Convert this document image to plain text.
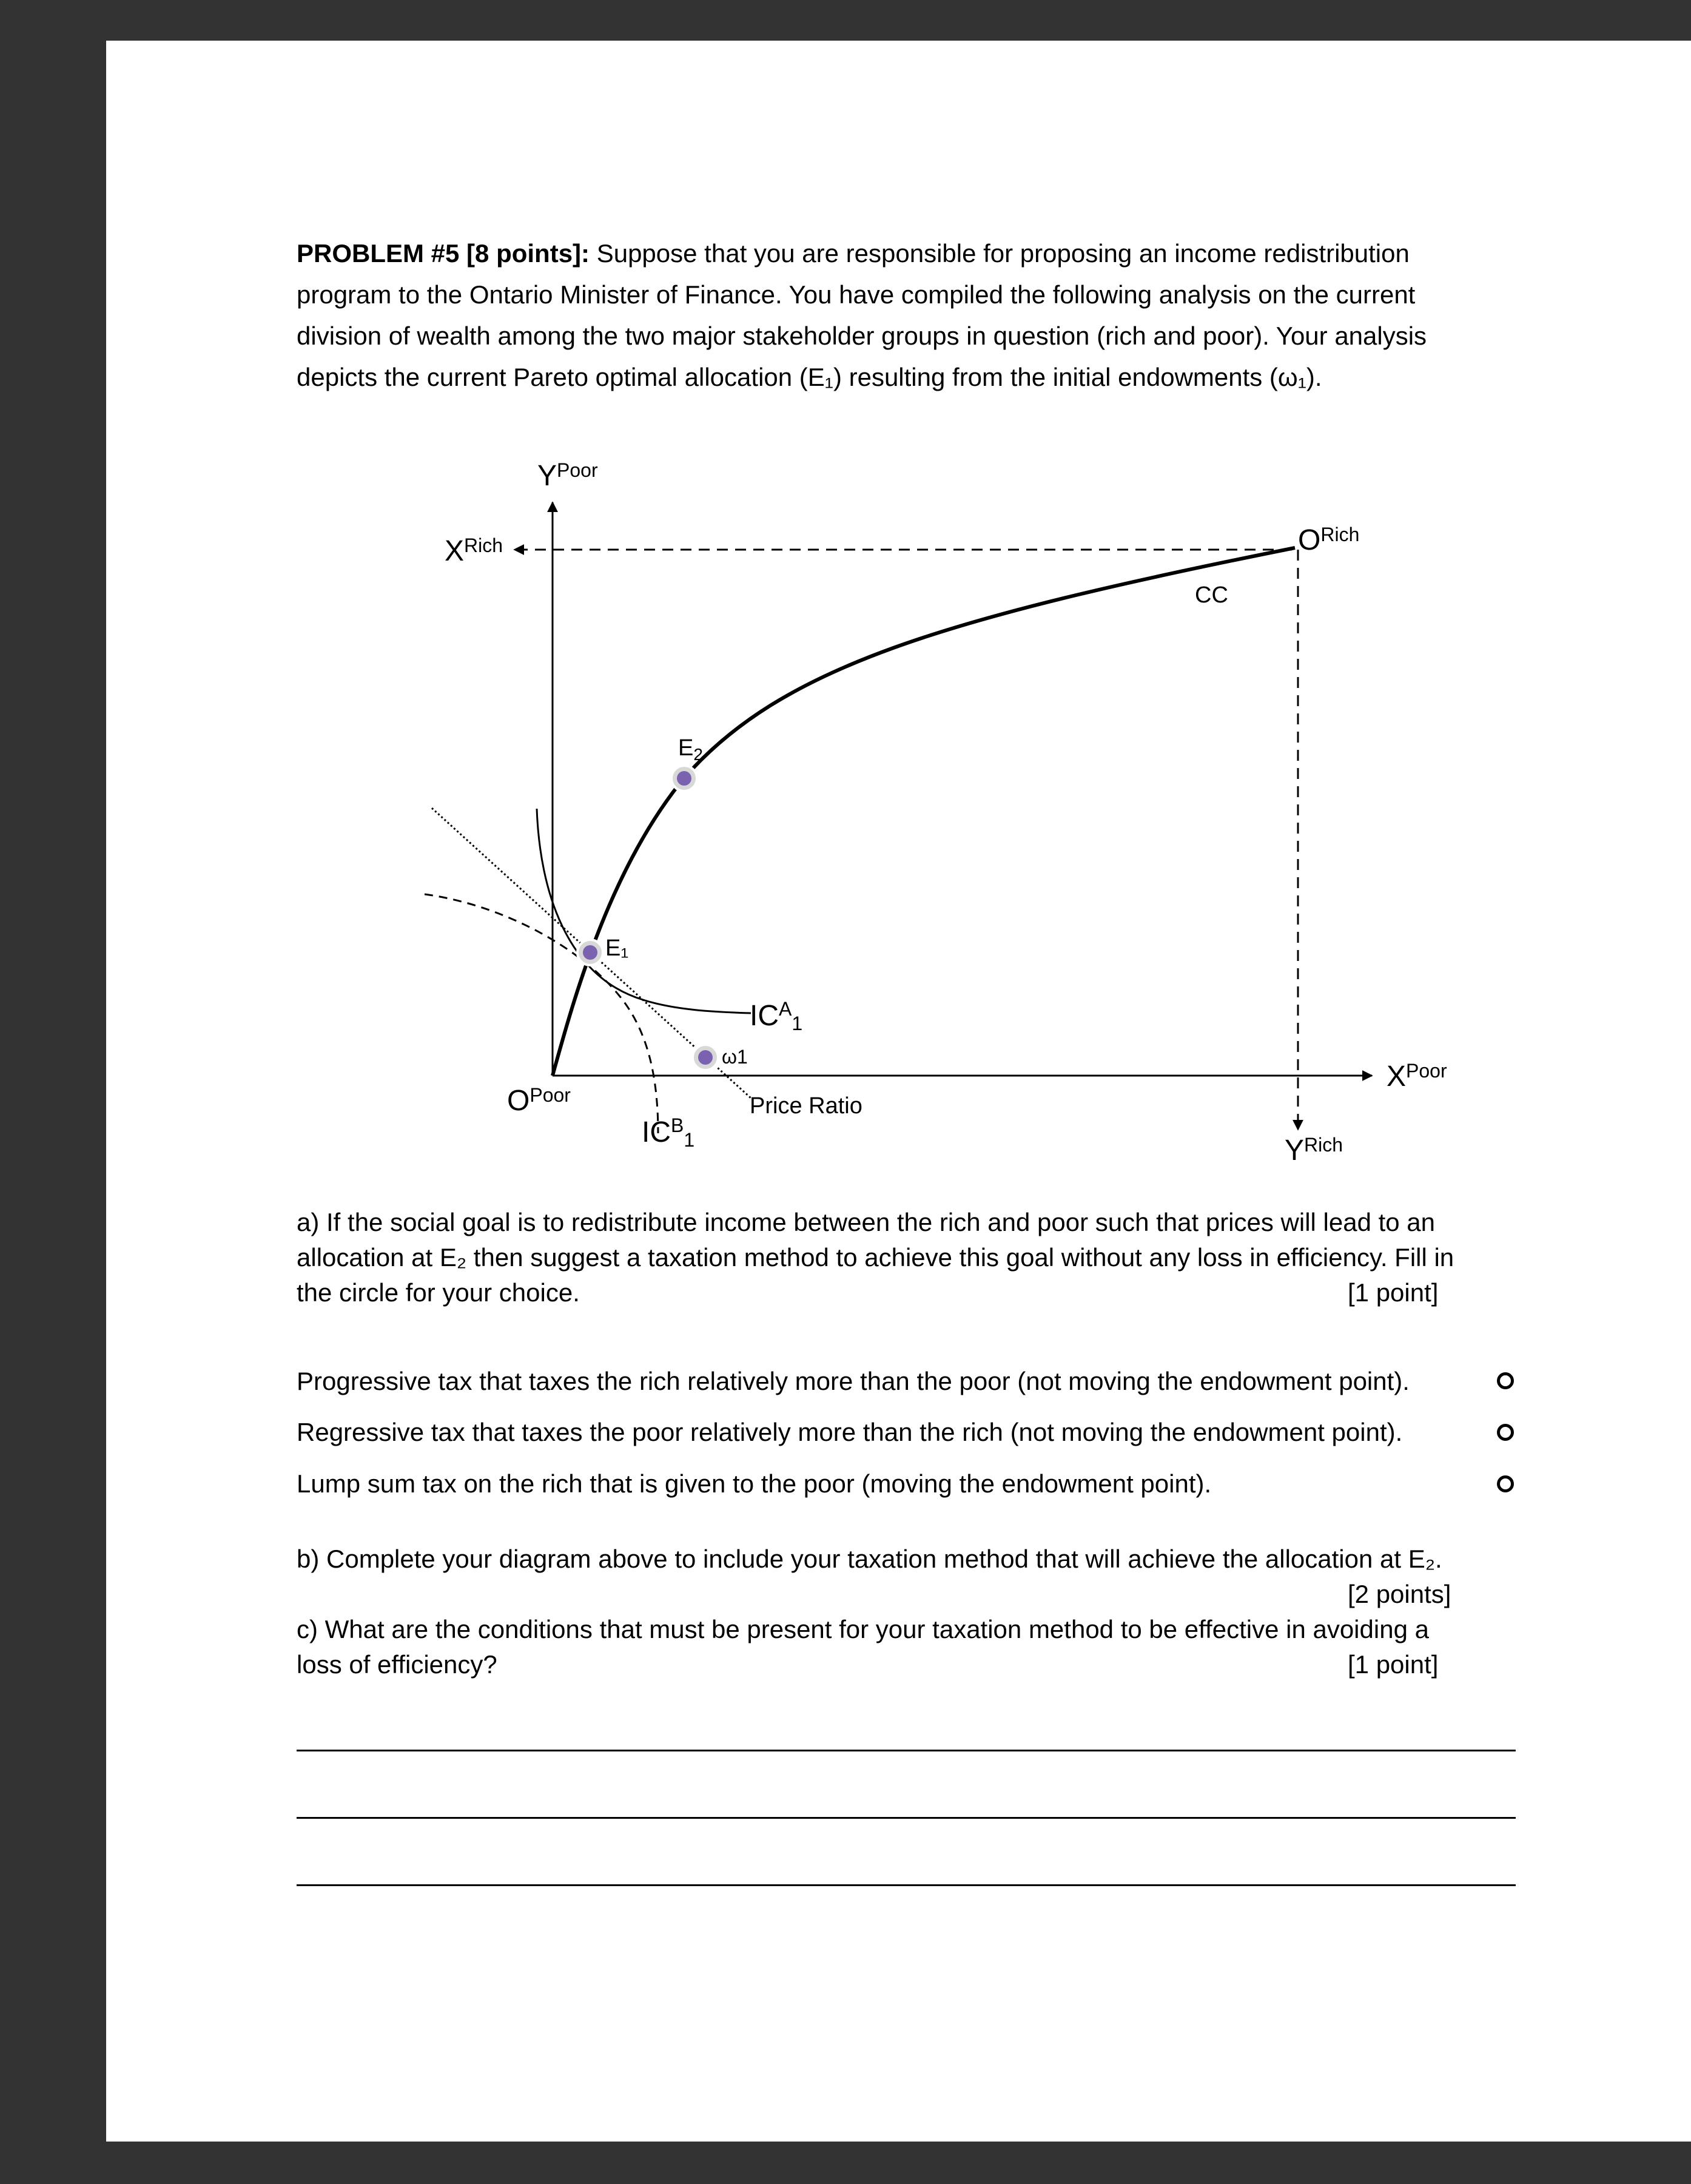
PROBLEM #5 [8 points]: Suppose that you are responsible for proposing an income redistribution
program to the Ontario Minister of Finance. You have compiled the following analysis on the current
division of wealth among the two major stakeholder groups in question (rich and poor). Your analysis
depicts the current Pareto optimal allocation (E₁) resulting from the initial endowments (ω₁).
$Y^{Poor}$
$X^{Rich}$	$O^{Rich}$
CC
$E_2$
E₁
$IC^A_1$
ω1
$O^{Poor}$	Price Ratio
$IC^B_1$
$X^{Poor}$
$Y^{Rich}$
a) If the social goal is to redistribute income between the rich and poor such that prices will lead to an
allocation at E₂ then suggest a taxation method to achieve this goal without any loss in efficiency. Fill in
the circle for your choice.	[1 point]
Progressive tax that taxes the rich relatively more than the poor (not moving the endowment point).
Regressive tax that taxes the poor relatively more than the rich (not moving the endowment point).
Lump sum tax on the rich that is given to the poor (moving the endowment point).
b) Complete your diagram above to include your taxation method that will achieve the allocation at E₂.
[2 points]
c) What are the conditions that must be present for your taxation method to be effective in avoiding a
loss of efficiency?	[1 point]
